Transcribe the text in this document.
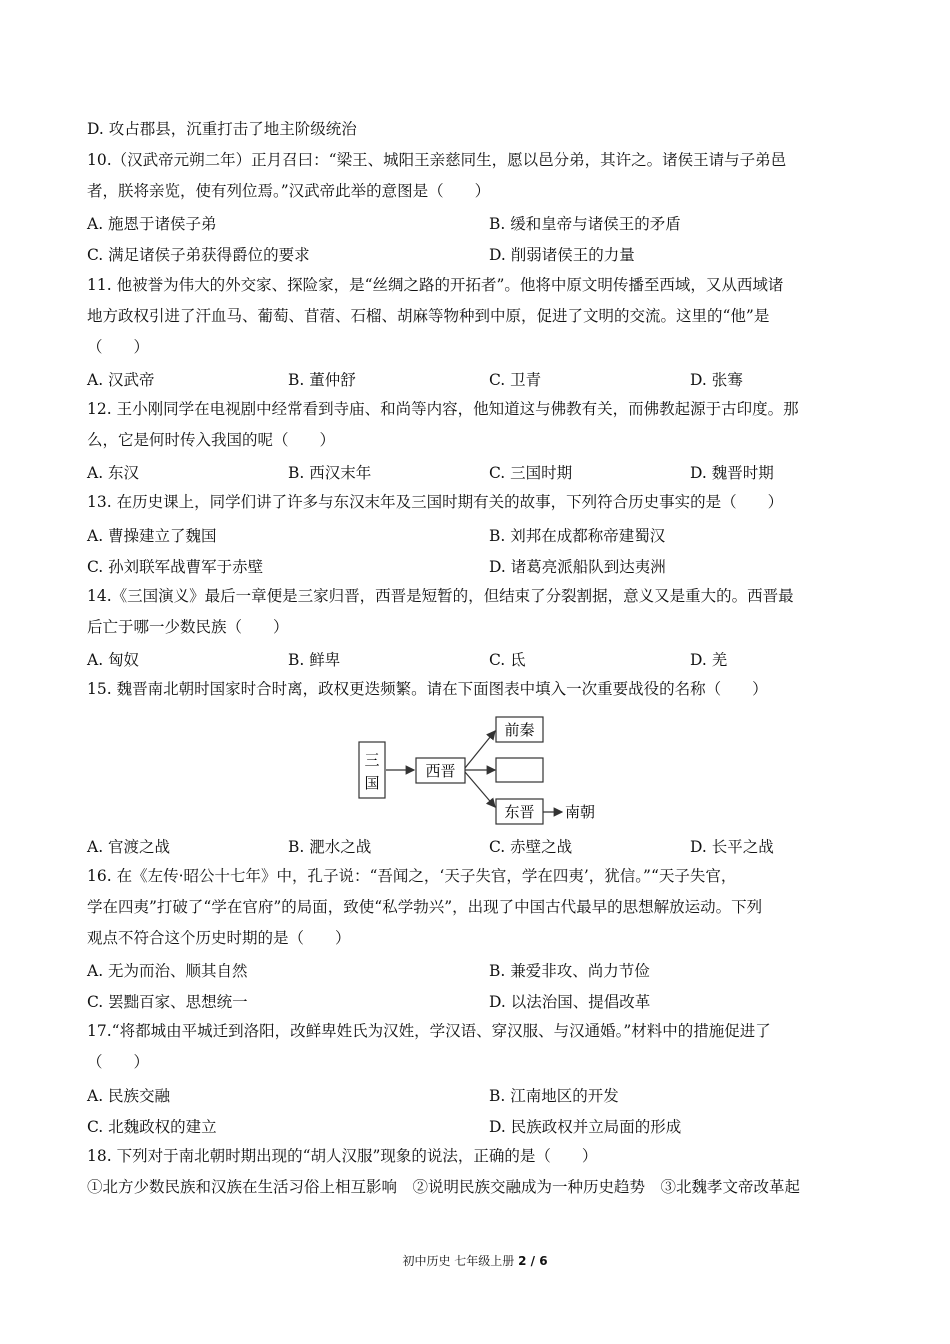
D. 攻占郡县，沉重打击了地主阶级统治
10.（汉武帝元朔二年）正月召曰：“梁王、城阳王亲慈同生，愿以邑分弟，其许之。诸侯王请与子弟邑
者，朕将亲览，使有列位焉。”汉武帝此举的意图是（　　）
A. 施恩于诸侯子弟	B. 缓和皇帝与诸侯王的矛盾
C. 满足诸侯子弟获得爵位的要求	D. 削弱诸侯王的力量
11. 他被誉为伟大的外交家、探险家，是“丝绸之路的开拓者”。他将中原文明传播至西域，又从西域诸
地方政权引进了汗血马、葡萄、苜蓿、石榴、胡麻等物种到中原，促进了文明的交流。这里的“他”是
（　　）
A. 汉武帝	B. 董仲舒	C. 卫青	D. 张骞
12. 王小刚同学在电视剧中经常看到寺庙、和尚等内容，他知道这与佛教有关，而佛教起源于古印度。那
么，它是何时传入我国的呢（　　）
A. 东汉	B. 西汉末年	C. 三国时期	D. 魏晋时期
13. 在历史课上，同学们讲了许多与东汉末年及三国时期有关的故事，下列符合历史事实的是（　　）
A. 曹操建立了魏国	B. 刘邦在成都称帝建蜀汉
C. 孙刘联军战曹军于赤壁	D. 诸葛亮派船队到达夷洲
14.《三国演义》最后一章便是三家归晋，西晋是短暂的，但结束了分裂割据，意义又是重大的。西晋最
后亡于哪一少数民族（　　）
A. 匈奴	B. 鲜卑	C. 氐	D. 羌
15. 魏晋南北朝时国家时合时离，政权更迭频繁。请在下面图表中填入一次重要战役的名称（　　）
三
国
西晋
前秦
东晋 南朝
A. 官渡之战	B. 淝水之战	C. 赤壁之战	D. 长平之战
16. 在《左传·昭公十七年》中，孔子说：“吾闻之，‘天子失官，学在四夷’，犹信。”“天子失官，
学在四夷”打破了“学在官府”的局面，致使“私学勃兴”，出现了中国古代最早的思想解放运动。下列
观点不符合这个历史时期的是（　　）
A. 无为而治、顺其自然	B. 兼爱非攻、尚力节俭
C. 罢黜百家、思想统一	D. 以法治国、提倡改革
17.“将都城由平城迁到洛阳，改鲜卑姓氏为汉姓，学汉语、穿汉服、与汉通婚。”材料中的措施促进了
（　　）
A. 民族交融	B. 江南地区的开发
C. 北魏政权的建立	D. 民族政权并立局面的形成
18. 下列对于南北朝时期出现的“胡人汉服”现象的说法，正确的是（　　）
①北方少数民族和汉族在生活习俗上相互影响　②说明民族交融成为一种历史趋势　③北魏孝文帝改革起
初中历史 七年级上册 2 / 6
